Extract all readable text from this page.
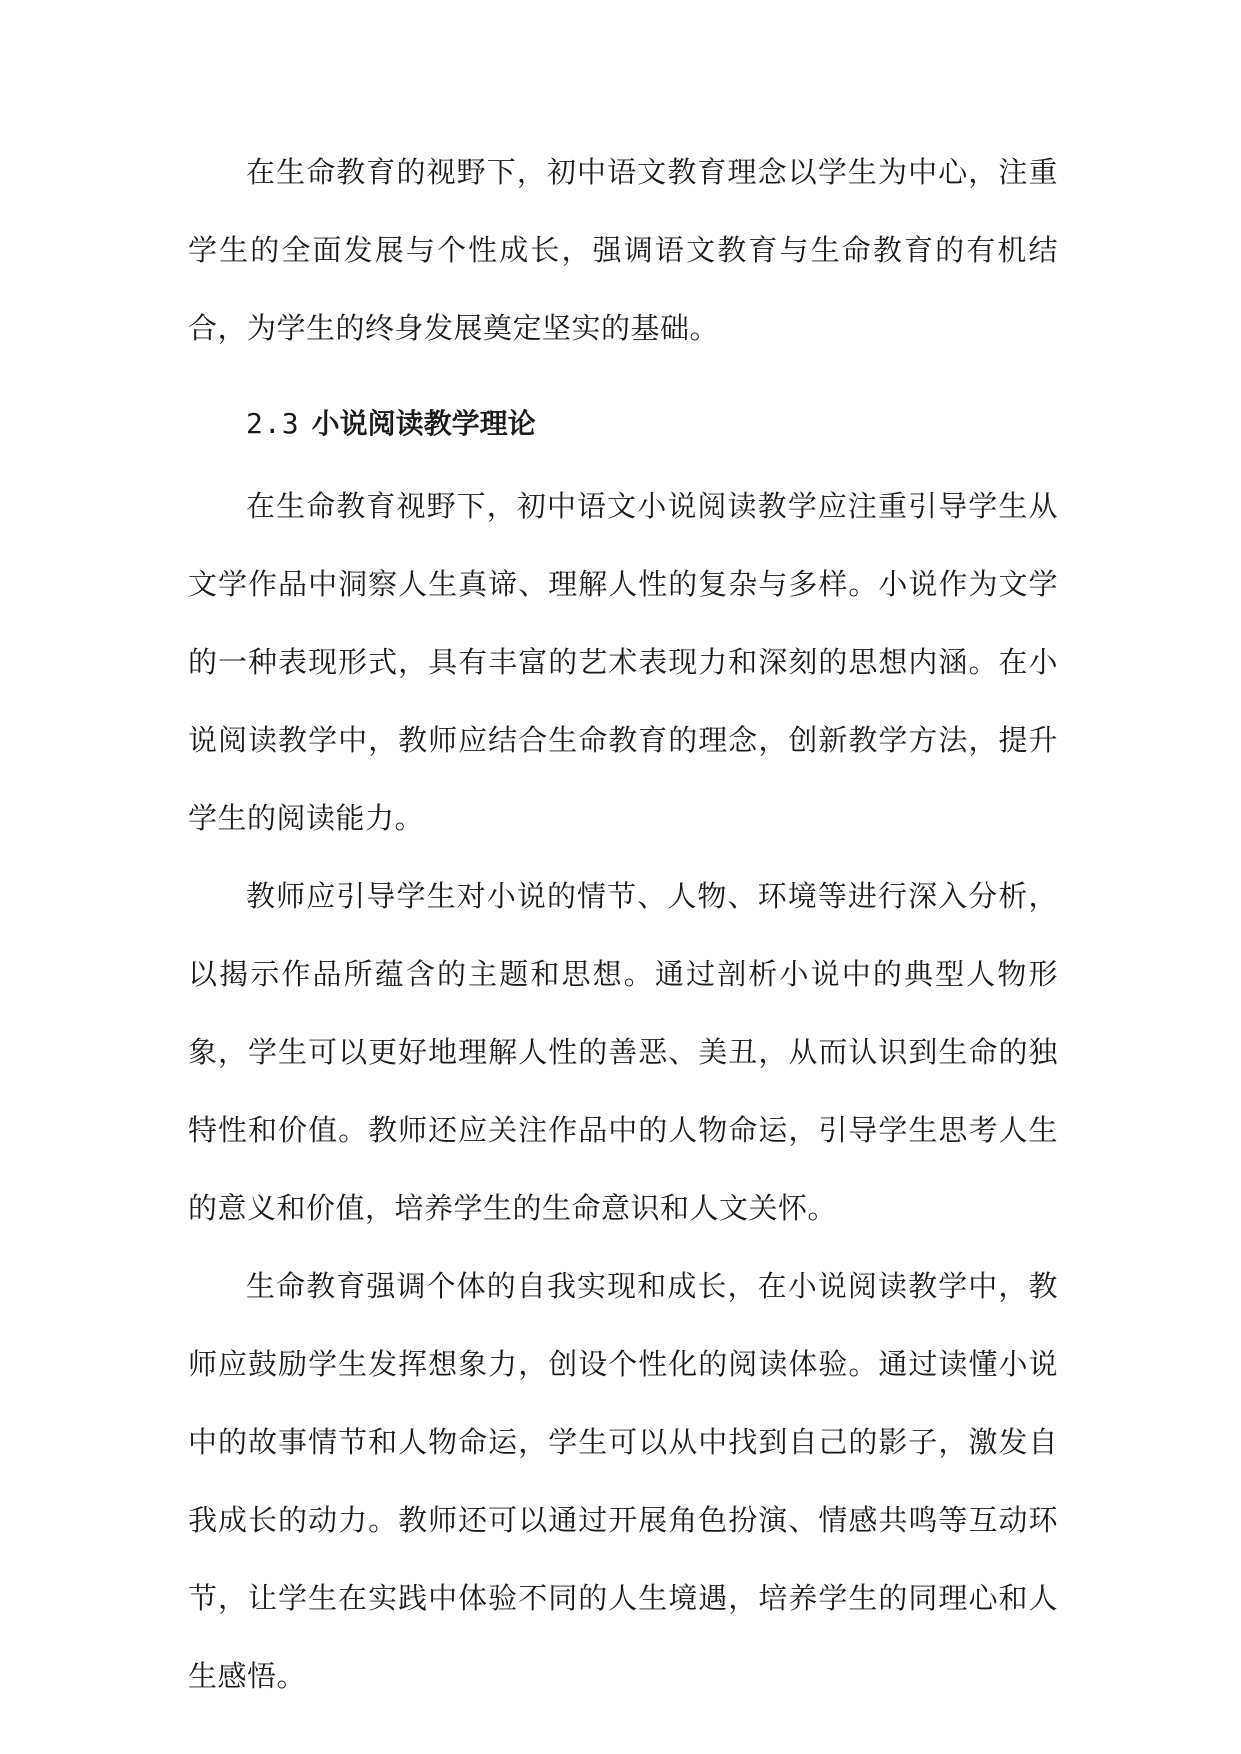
在生命教育的视野下，初中语文教育理念以学生为中心，注重学生的全面发展与个性成长，强调语文教育与生命教育的有机结合，为学生的终身发展奠定坚实的基础。

2.3 小说阅读教学理论

在生命教育视野下，初中语文小说阅读教学应注重引导学生从文学作品中洞察人生真谛、理解人性的复杂与多样。小说作为文学的一种表现形式，具有丰富的艺术表现力和深刻的思想内涵。在小说阅读教学中，教师应结合生命教育的理念，创新教学方法，提升学生的阅读能力。

教师应引导学生对小说的情节、人物、环境等进行深入分析，以揭示作品所蕴含的主题和思想。通过剖析小说中的典型人物形象，学生可以更好地理解人性的善恶、美丑，从而认识到生命的独特性和价值。教师还应关注作品中的人物命运，引导学生思考人生的意义和价值，培养学生的生命意识和人文关怀。

生命教育强调个体的自我实现和成长，在小说阅读教学中，教师应鼓励学生发挥想象力，创设个性化的阅读体验。通过读懂小说中的故事情节和人物命运，学生可以从中找到自己的影子，激发自我成长的动力。教师还可以通过开展角色扮演、情感共鸣等互动环节，让学生在实践中体验不同的人生境遇，培养学生的同理心和人生感悟。
